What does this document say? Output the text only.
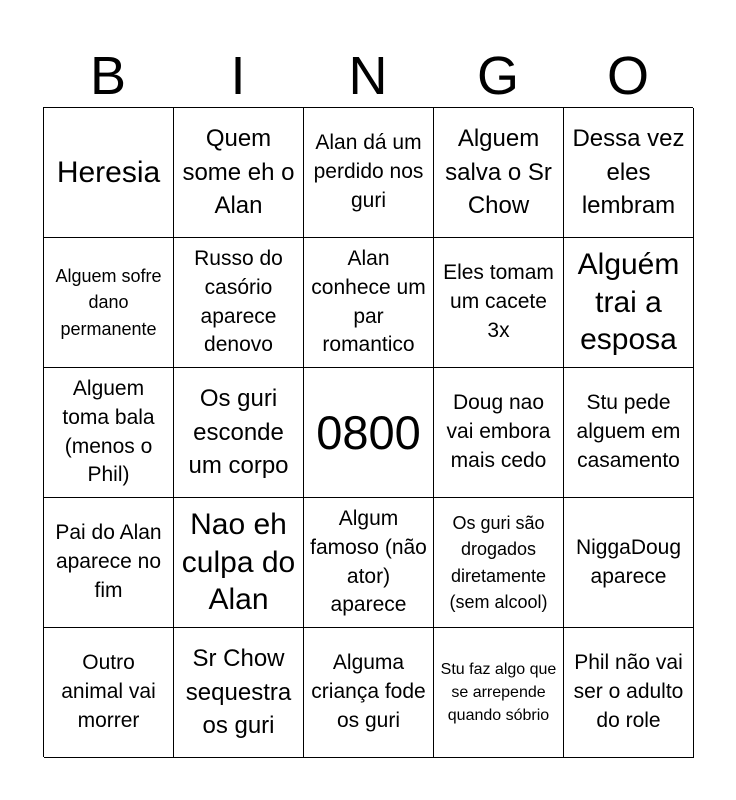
B	I	N	G	O
Heresia
Quem some eh o Alan
Alan dá um perdido nos guri
Alguem salva o Sr Chow
Dessa vez eles lembram
Alguem sofre dano permanente
Russo do casório aparece denovo
Alan conhece um par romantico
Eles tomam um cacete 3x
Alguém trai a esposa
Alguem toma bala (menos o Phil)
Os guri esconde um corpo
0800
Doug nao vai embora mais cedo
Stu pede alguem em casamento
Pai do Alan aparece no fim
Nao eh culpa do Alan
Algum famoso (não ator) aparece
Os guri são drogados diretamente (sem alcool)
NiggaDoug aparece
Outro animal vai morrer
Sr Chow sequestra os guri
Alguma criança fode os guri
Stu faz algo que se arrepende quando sóbrio
Phil não vai ser o adulto do role
